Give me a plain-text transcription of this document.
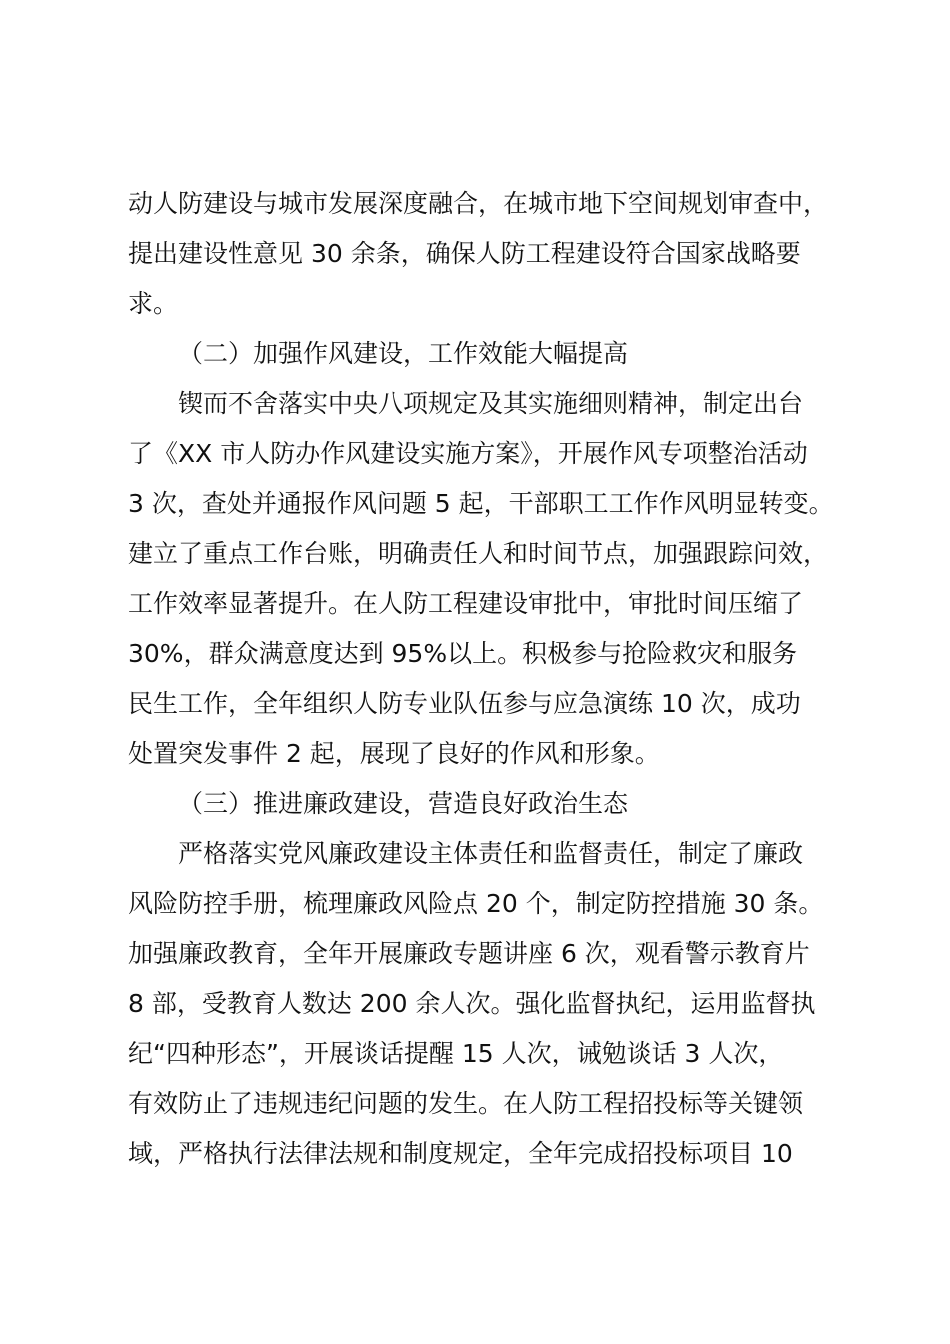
动人防建设与城市发展深度融合，在城市地下空间规划审查中，
提出建设性意见 30 余条，确保人防工程建设符合国家战略要
求。
（二）加强作风建设，工作效能大幅提高
锲而不舍落实中央八项规定及其实施细则精神，制定出台
了《XX 市人防办作风建设实施方案》，开展作风专项整治活动
3 次，查处并通报作风问题 5 起，干部职工工作作风明显转变。
建立了重点工作台账，明确责任人和时间节点，加强跟踪问效，
工作效率显著提升。在人防工程建设审批中，审批时间压缩了
30%，群众满意度达到 95%以上。积极参与抢险救灾和服务
民生工作，全年组织人防专业队伍参与应急演练 10 次，成功
处置突发事件 2 起，展现了良好的作风和形象。
（三）推进廉政建设，营造良好政治生态
严格落实党风廉政建设主体责任和监督责任，制定了廉政
风险防控手册，梳理廉政风险点 20 个，制定防控措施 30 条。
加强廉政教育，全年开展廉政专题讲座 6 次，观看警示教育片
8 部，受教育人数达 200 余人次。强化监督执纪，运用监督执
纪“四种形态”，开展谈话提醒 15 人次，诫勉谈话 3 人次，
有效防止了违规违纪问题的发生。在人防工程招投标等关键领
域，严格执行法律法规和制度规定，全年完成招投标项目 10
